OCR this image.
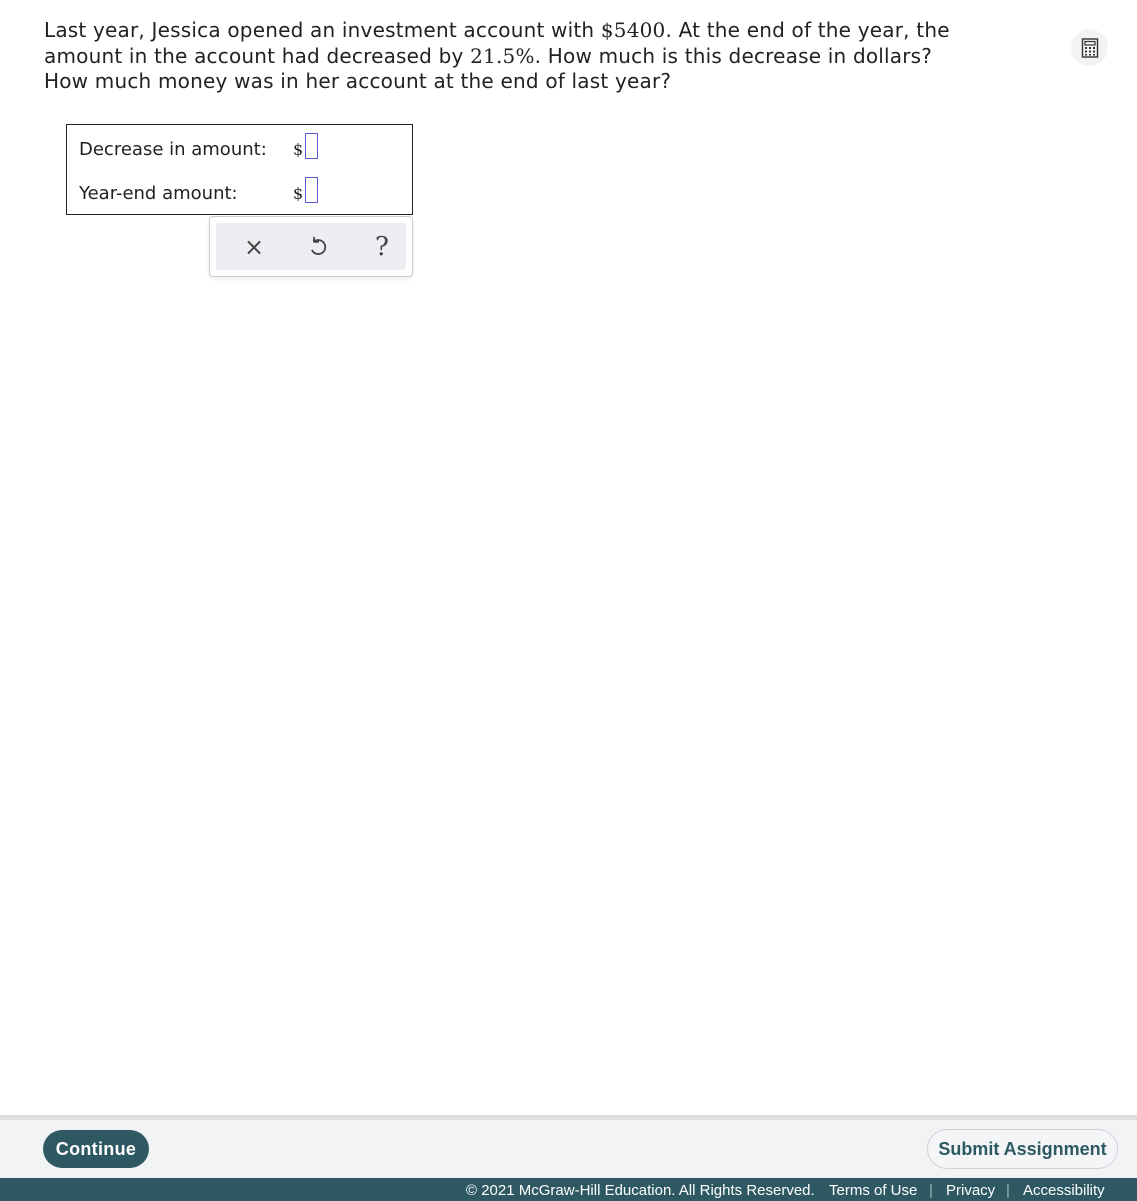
Last year, Jessica opened an investment account with $5400. At the end of the year, the amount in the account had decreased by 21.5%. How much is this decrease in dollars? How much money was in her account at the end of last year?
Decrease in amount: $
Year-end amount:	$
×	?
Continue	Submit Assignment
© 2021 McGraw-Hill Education. All Rights Reserved. Terms of Use | Privacy | Accessibility
